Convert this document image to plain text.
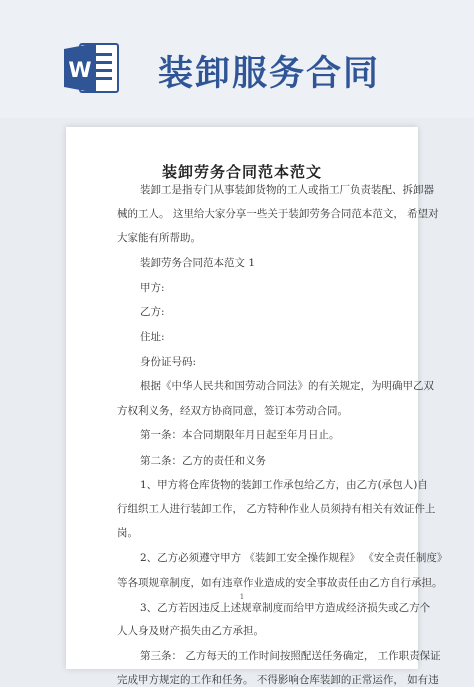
W 装卸服务合同
装卸劳务合同范本范文
装卸工是指专门从事装卸货物的工人或指工厂负责装配、拆卸器
械的工人。 这里给大家分享一些关于装卸劳务合同范本范文， 希望对
大家能有所帮助。
装卸劳务合同范本范文 1
甲方:
乙方:
住址:
身份证号码:
根据《中华人民共和国劳动合同法》的有关规定，为明确甲乙双
方权利义务，经双方协商同意，签订本劳动合同。
第一条：本合同期限年月日起至年月日止。
第二条：乙方的责任和义务
1、甲方将仓库货物的装卸工作承包给乙方，由乙方(承包人)自
行组织工人进行装卸工作， 乙方特种作业人员须持有相关有效证件上
岗。
2、乙方必须遵守甲方 《装卸工安全操作规程》 《安全责任制度》
等各项规章制度，如有违章作业造成的安全事故责任由乙方自行承担。
3、乙方若因违反上述规章制度而给甲方造成经济损失或乙方个
人人身及财产损失由乙方承担。
第三条： 乙方每天的工作时间按照配送任务确定， 工作职责保证
完成甲方规定的工作和任务。 不得影响仓库装卸的正常运作， 如有违
1
